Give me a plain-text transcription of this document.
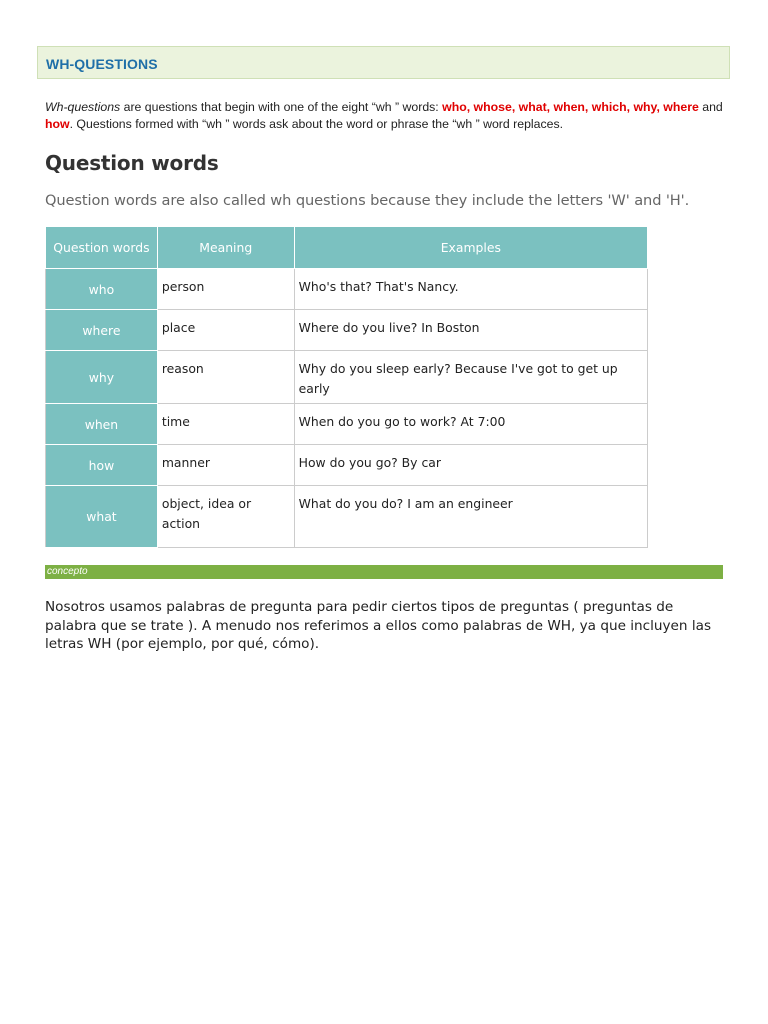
WH-QUESTIONS
Wh-questions are questions that begin with one of the eight “wh ” words: who, whose, what, when, which, why, where and how. Questions formed with “wh ” words ask about the word or phrase the “wh ” word replaces.
Question words
Question words are also called wh questions because they include the letters 'W' and 'H'.
Question words	Meaning	Examples
who	person	Who's that? That's Nancy.
where	place	Where do you live? In Boston
why	reason	Why do you sleep early? Because I've got to get up early
when	time	When do you go to work? At 7:00
how	manner	How do you go? By car
what	object, idea or action	What do you do? I am an engineer
concepto
Nosotros usamos palabras de pregunta para pedir ciertos tipos de preguntas ( preguntas de palabra que se trate ). A menudo nos referimos a ellos como palabras de WH, ya que incluyen las letras WH (por ejemplo, por qué, cómo).
